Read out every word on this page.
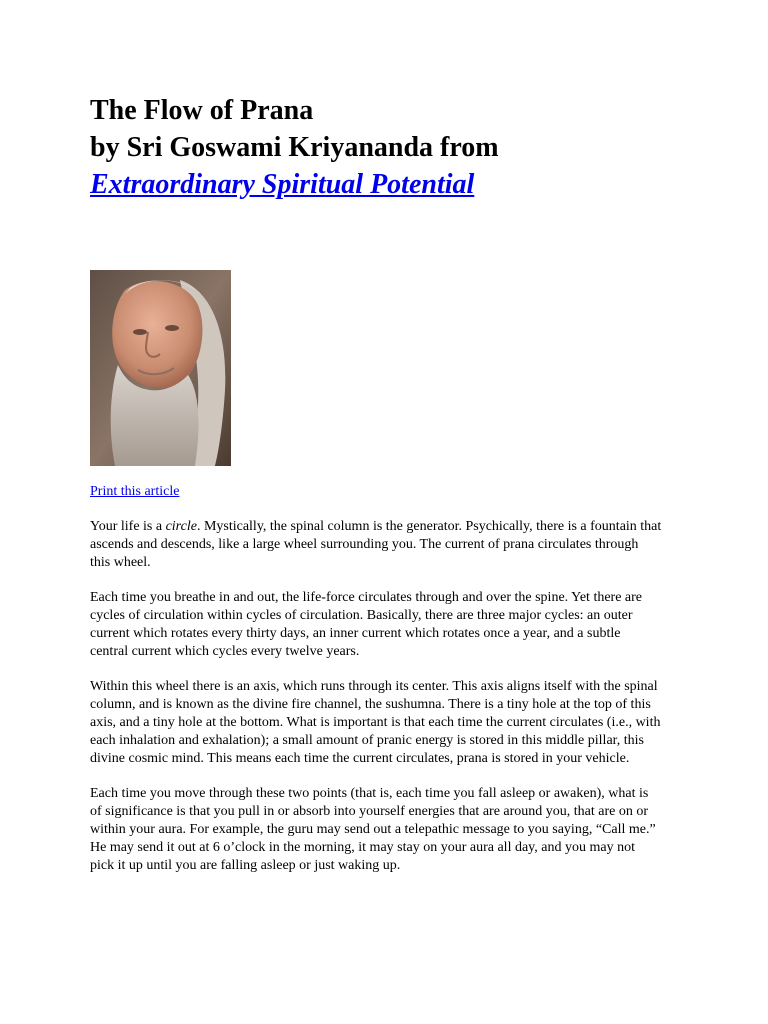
The Flow of Prana
by Sri Goswami Kriyananda from
Extraordinary Spiritual Potential
Print this article

Your life is a circle. Mystically, the spinal column is the generator. Psychically, there is a fountain that ascends and descends, like a large wheel surrounding you. The current of prana circulates through this wheel.

Each time you breathe in and out, the life-force circulates through and over the spine. Yet there are cycles of circulation within cycles of circulation. Basically, there are three major cycles: an outer current which rotates every thirty days, an inner current which rotates once a year, and a subtle central current which cycles every twelve years.

Within this wheel there is an axis, which runs through its center. This axis aligns itself with the spinal column, and is known as the divine fire channel, the sushumna. There is a tiny hole at the top of this axis, and a tiny hole at the bottom. What is important is that each time the current circulates (i.e., with each inhalation and exhalation); a small amount of pranic energy is stored in this middle pillar, this divine cosmic mind. This means each time the current circulates, prana is stored in your vehicle.

Each time you move through these two points (that is, each time you fall asleep or awaken), what is of significance is that you pull in or absorb into yourself energies that are around you, that are on or within your aura. For example, the guru may send out a telepathic message to you saying, “Call me.” He may send it out at 6 o’clock in the morning, it may stay on your aura all day, and you may not pick it up until you are falling asleep or just waking up.
